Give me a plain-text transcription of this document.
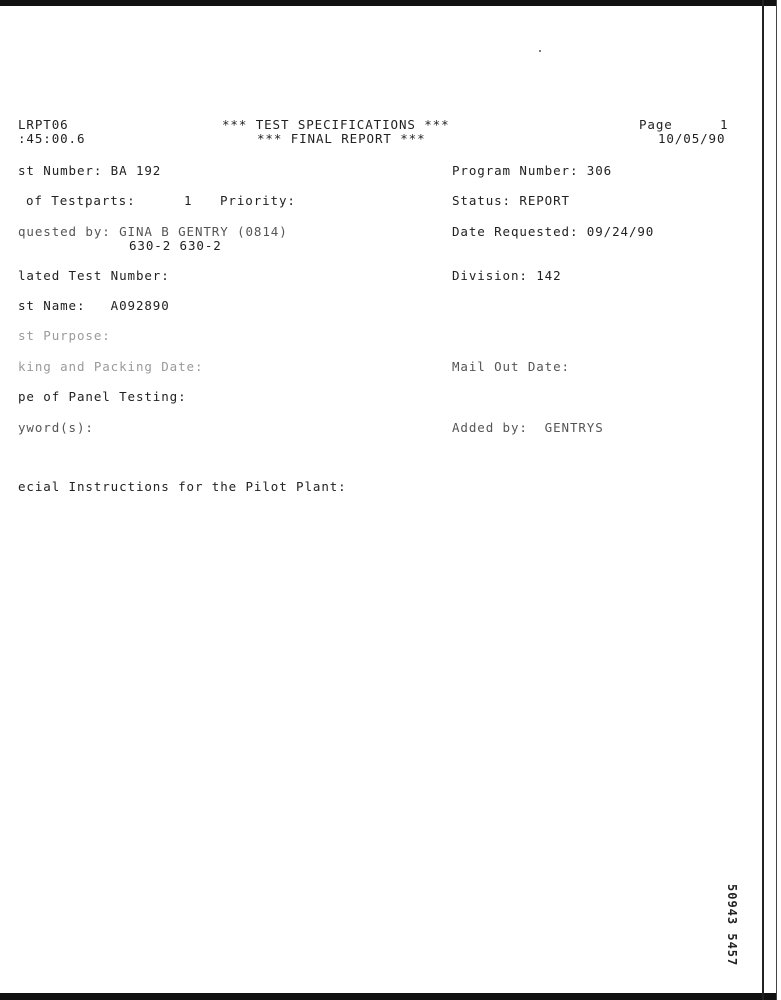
LRPT06
:45:00.6
*** TEST SPECIFICATIONS ***
*** FINAL REPORT ***
Page	1
10/05/90
st Number: BA 192	Program Number: 306
of Testparts:	1 Priority:	Status: REPORT
quested by: GINA B GENTRY (0814)
630-2 630-2
Date Requested: 09/24/90
lated Test Number:	Division: 142
st Name:   A092890
st Purpose:
king and Packing Date:	Mail Out Date:
pe of Panel Testing:
yword(s):	Added by:  GENTRYS
ecial Instructions for the Pilot Plant:
50943 5457
